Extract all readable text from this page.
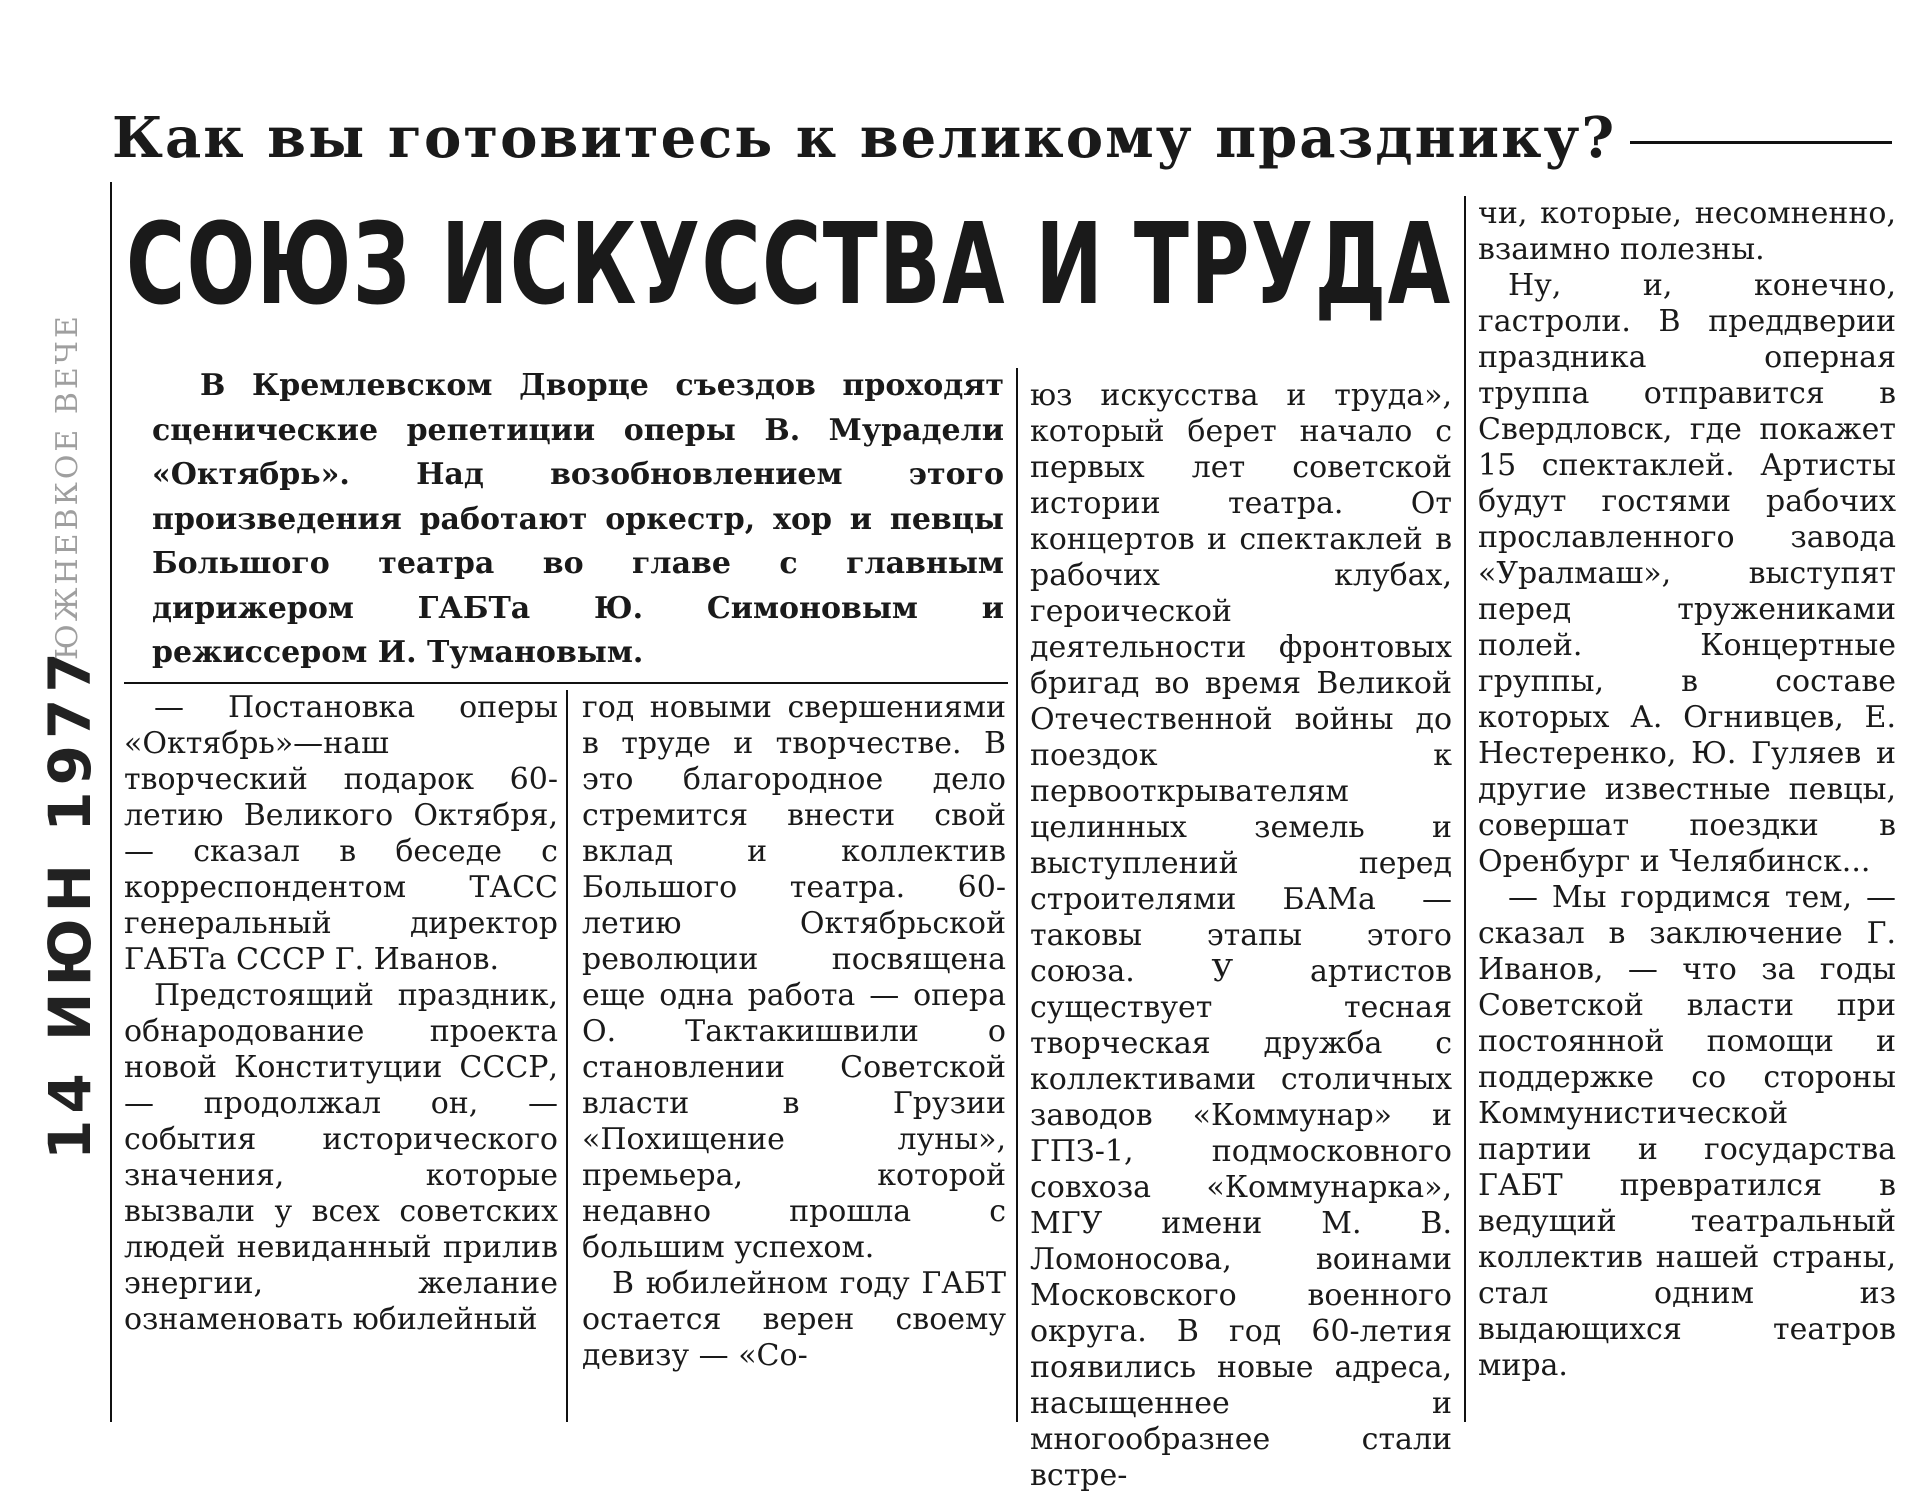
14 ИЮН 1977
ЮЖНЕВКОЕ ВЕЧЕ
Как вы готовитесь к великому празднику?
СОЮЗ ИСКУССТВА И ТРУДА

В Кремлевском Дворце съездов проходят сценические репетиции оперы В. Мурадели «Октябрь». Над возобновлением этого произведения работают оркестр, хор и певцы Большого театра во главе с главным дирижером ГАБТа Ю. Симоновым и режиссером И. Тумановым.

— Постановка оперы «Октябрь»—наш творческий подарок 60-летию Великого Октября, — сказал в беседе с корреспондентом ТАСС генеральный директор ГАБТа СССР Г. Иванов.

Предстоящий праздник, обнародование проекта новой Конституции СССР, — продолжал он, — события исторического значения, которые вызвали у всех советских людей невиданный прилив энергии, желание ознаменовать юбилейный

год новыми свершениями в труде и творчестве. В это благородное дело стремится внести свой вклад и коллектив Большого театра. 60-летию Октябрьской революции посвящена еще одна работа — опера О. Тактакишвили о становлении Советской власти в Грузии «Похищение луны», премьера, которой недавно прошла с большим успехом.

В юбилейном году ГАБТ остается верен своему девизу — «Со-

юз искусства и труда», который берет начало с первых лет советской истории театра. От концертов и спектаклей в рабочих клубах, героической деятельности фронтовых бригад во время Великой Отечественной войны до поездок к первооткрывателям целинных земель и выступлений перед строителями БАМа — таковы этапы этого союза. У артистов существует тесная творческая дружба с коллективами столичных заводов «Коммунар» и ГПЗ-1, подмосковного совхоза «Коммунарка», МГУ имени М. В. Ломоносова, воинами Московского военного округа. В год 60-летия появились новые адреса, насыщеннее и многообразнее стали встре-

чи, которые, несомненно, взаимно полезны.

Ну, и, конечно, гастроли. В преддверии праздника оперная труппа отправится в Свердловск, где покажет 15 спектаклей. Артисты будут гостями рабочих прославленного завода «Уралмаш», выступят перед тружениками полей. Концертные группы, в составе которых А. Огнивцев, Е. Нестеренко, Ю. Гуляев и другие известные певцы, совершат поездки в Оренбург и Челябинск...

— Мы гордимся тем, — сказал в заключение Г. Иванов, — что за годы Советской власти при постоянной помощи и поддержке со стороны Коммунистической партии и государства ГАБТ превратился в ведущий театральный коллектив нашей страны, стал одним из выдающихся театров мира.
